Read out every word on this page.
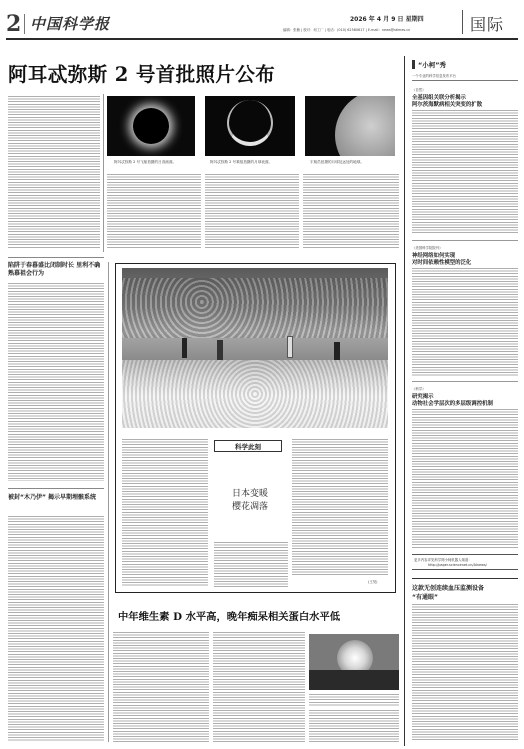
2 中国科学报	2026 年 4 月 9 日 星期四
编辑：张楠 | 校对：何工厂 | 电话：(010) 62580617 | E-mail：news@stimes.cn	国际
阿耳忒弥斯 2 号首批照片公布
阿耳忒弥斯 2 号飞船拍摄的日食画面。	阿耳忒弥斯 2 号乘组拍摄的月球表面。	宇航员拍摄的月球及远处的地球。
陷阱于春暮盛比闭制时长 里利不确熟慕祖会行为
被封“木乃伊” 揭示早期埋骸系统
科学此刻
日本变暖
樱花凋落
(王昊)
中年维生素 D 水平高，晚年痴呆相关蛋白水平低
“小柯”秀
一个专业的科学信息发布平台
《自然》
全基因组关联分析揭示
阿尔茨海默病相关突变的扩散
《美国科学院院刊》
神经网络如何实现
对时间依赖性模型的泛化
《科学》
研究揭示
动物社会学层次的多层级调控机制
更多内容详见科学网小柯机器人频道：
http://paper.sciencenet.cn/AInews/
这款无创连续血压监测设备
“有通眼”
